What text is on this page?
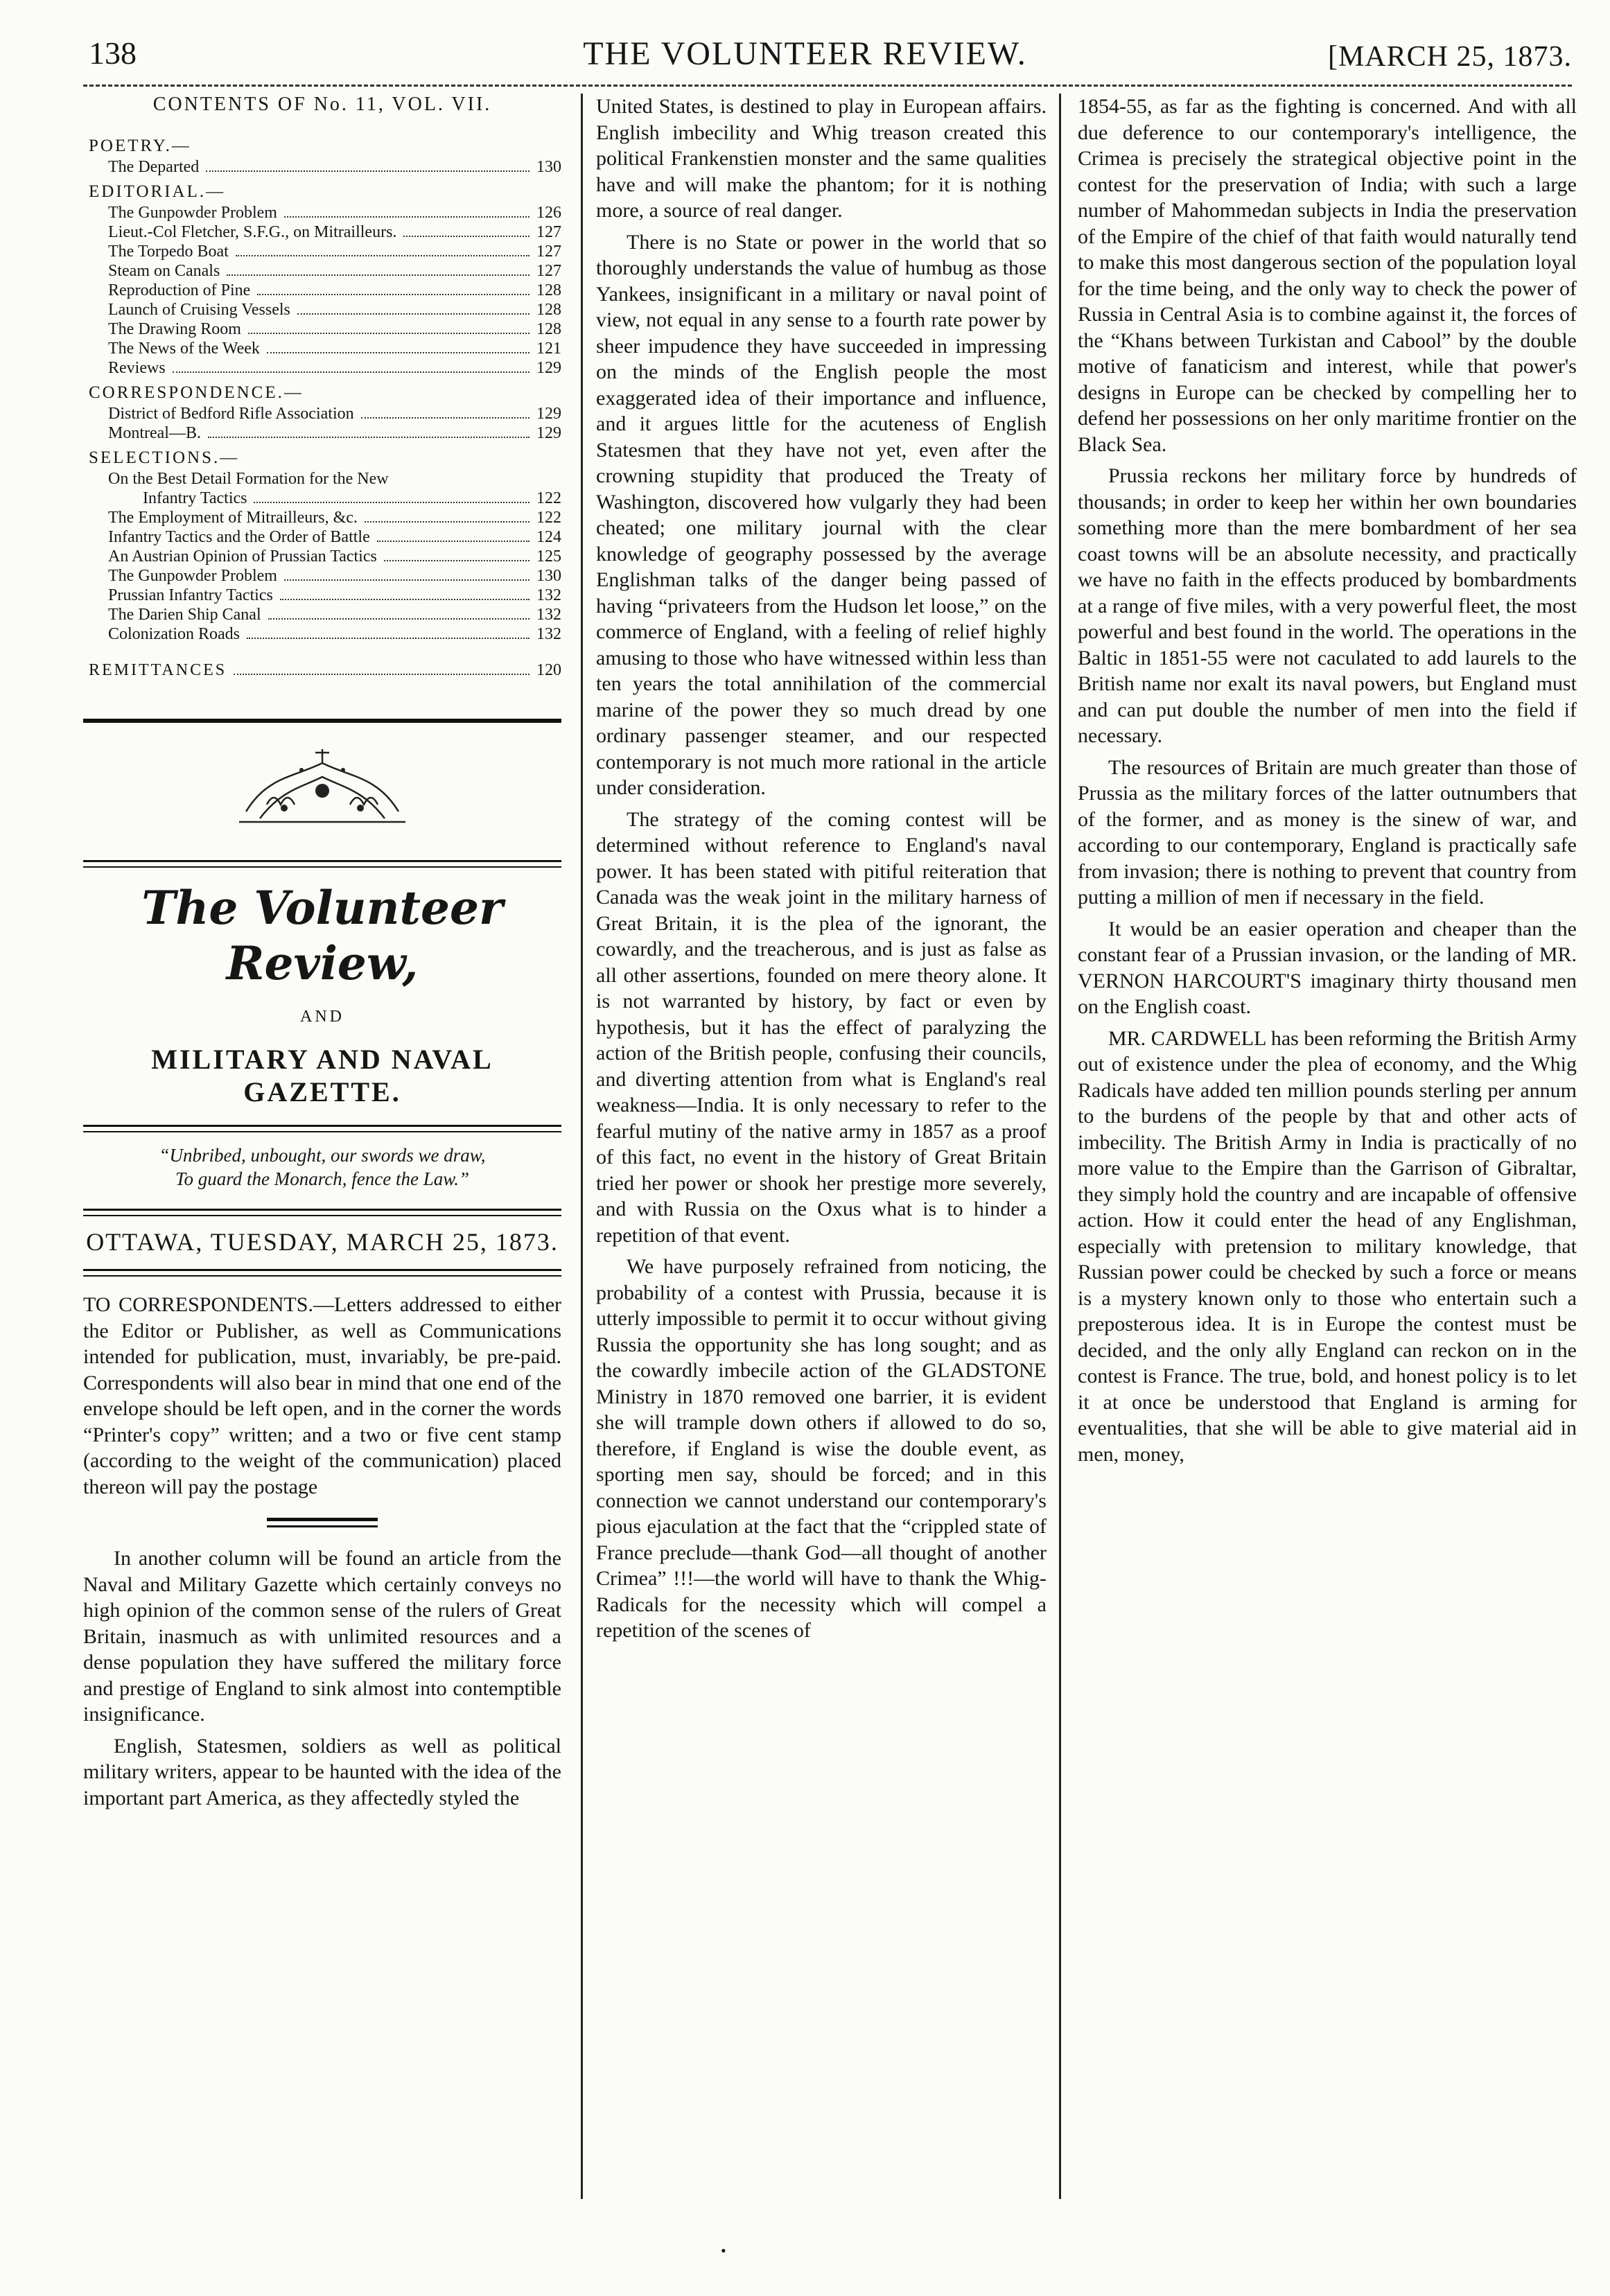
138	THE VOLUNTEER REVIEW.	[MARCH 25, 1873.
CONTENTS OF No. 11, VOL. VII.
POETRY.—
The Departed	130
EDITORIAL.—
The Gunpowder Problem	126
Lieut.-Col Fletcher, S.F.G., on Mitrailleurs.	127
The Torpedo Boat	127
Steam on Canals	127
Reproduction of Pine	128
Launch of Cruising Vessels	128
The Drawing Room	128
The News of the Week	121
Reviews	129
CORRESPONDENCE.—
District of Bedford Rifle Association	129
Montreal—B.	129
SELECTIONS.—
On the Best Detail Formation for the New
Infantry Tactics	122
The Employment of Mitrailleurs, &c.	122
Infantry Tactics and the Order of Battle	124
An Austrian Opinion of Prussian Tactics	125
The Gunpowder Problem	130
Prussian Infantry Tactics	132
The Darien Ship Canal	132
Colonization Roads	132
REMITTANCES	120
The Volunteer Review,
AND
MILITARY AND NAVAL GAZETTE.
“Unbribed, unbought, our swords we draw,
To guard the Monarch, fence the Law.”
OTTAWA, TUESDAY, MARCH 25, 1873.

TO CORRESPONDENTS.—Letters addressed to either the Editor or Publisher, as well as Communications intended for publication, must, invariably, be pre-paid. Correspondents will also bear in mind that one end of the envelope should be left open, and in the corner the words “Printer's copy” written; and a two or five cent stamp (according to the weight of the communication) placed thereon will pay the postage

In another column will be found an article from the Naval and Military Gazette which certainly conveys no high opinion of the common sense of the rulers of Great Britain, inasmuch as with unlimited resources and a dense population they have suffered the military force and prestige of England to sink almost into contemptible insignificance.

English, Statesmen, soldiers as well as political military writers, appear to be haunted with the idea of the important part America, as they affectedly styled the

United States, is destined to play in European affairs. English imbecility and Whig treason created this political Frankenstien monster and the same qualities have and will make the phantom; for it is nothing more, a source of real danger.

There is no State or power in the world that so thoroughly understands the value of humbug as those Yankees, insignificant in a military or naval point of view, not equal in any sense to a fourth rate power by sheer impudence they have succeeded in impressing on the minds of the English people the most exaggerated idea of their importance and influence, and it argues little for the acuteness of English Statesmen that they have not yet, even after the crowning stupidity that produced the Treaty of Washington, discovered how vulgarly they had been cheated; one military journal with the clear knowledge of geography possessed by the average Englishman talks of the danger being passed of having “privateers from the Hudson let loose,” on the commerce of England, with a feeling of relief highly amusing to those who have witnessed within less than ten years the total annihilation of the commercial marine of the power they so much dread by one ordinary passenger steamer, and our respected contemporary is not much more rational in the article under consideration.

The strategy of the coming contest will be determined without reference to England's naval power. It has been stated with pitiful reiteration that Canada was the weak joint in the military harness of Great Britain, it is the plea of the ignorant, the cowardly, and the treacherous, and is just as false as all other assertions, founded on mere theory alone. It is not warranted by history, by fact or even by hypothesis, but it has the effect of paralyzing the action of the British people, confusing their councils, and diverting attention from what is England's real weakness—India. It is only necessary to refer to the fearful mutiny of the native army in 1857 as a proof of this fact, no event in the history of Great Britain tried her power or shook her prestige more severely, and with Russia on the Oxus what is to hinder a repetition of that event.

We have purposely refrained from noticing, the probability of a contest with Prussia, because it is utterly impossible to permit it to occur without giving Russia the opportunity she has long sought; and as the cowardly imbecile action of the GLADSTONE Ministry in 1870 removed one barrier, it is evident she will trample down others if allowed to do so, therefore, if England is wise the double event, as sporting men say, should be forced; and in this connection we cannot understand our contemporary's pious ejaculation at the fact that the “crippled state of France preclude—thank God—all thought of another Crimea” !!!—the world will have to thank the Whig-Radicals for the necessity which will compel a repetition of the scenes of

1854-55, as far as the fighting is concerned. And with all due deference to our contemporary's intelligence, the Crimea is precisely the strategical objective point in the contest for the preservation of India; with such a large number of Mahommedan subjects in India the preservation of the Empire of the chief of that faith would naturally tend to make this most dangerous section of the population loyal for the time being, and the only way to check the power of Russia in Central Asia is to combine against it, the forces of the “Khans between Turkistan and Cabool” by the double motive of fanaticism and interest, while that power's designs in Europe can be checked by compelling her to defend her possessions on her only maritime frontier on the Black Sea.

Prussia reckons her military force by hundreds of thousands; in order to keep her within her own boundaries something more than the mere bombardment of her sea coast towns will be an absolute necessity, and practically we have no faith in the effects produced by bombardments at a range of five miles, with a very powerful fleet, the most powerful and best found in the world. The operations in the Baltic in 1851-55 were not caculated to add laurels to the British name nor exalt its naval powers, but England must and can put double the number of men into the field if necessary.

The resources of Britain are much greater than those of Prussia as the military forces of the latter outnumbers that of the former, and as money is the sinew of war, and according to our contemporary, England is practically safe from invasion; there is nothing to prevent that country from putting a million of men if necessary in the field.

It would be an easier operation and cheaper than the constant fear of a Prussian invasion, or the landing of MR. VERNON HARCOURT'S imaginary thirty thousand men on the English coast.

MR. CARDWELL has been reforming the British Army out of existence under the plea of economy, and the Whig Radicals have added ten million pounds sterling per annum to the burdens of the people by that and other acts of imbecility. The British Army in India is practically of no more value to the Empire than the Garrison of Gibraltar, they simply hold the country and are incapable of offensive action. How it could enter the head of any Englishman, especially with pretension to military knowledge, that Russian power could be checked by such a force or means is a mystery known only to those who entertain such a preposterous idea. It is in Europe the contest must be decided, and the only ally England can reckon on in the contest is France. The true, bold, and honest policy is to let it at once be understood that England is arming for eventualities, that she will be able to give material aid in men, money,

•
